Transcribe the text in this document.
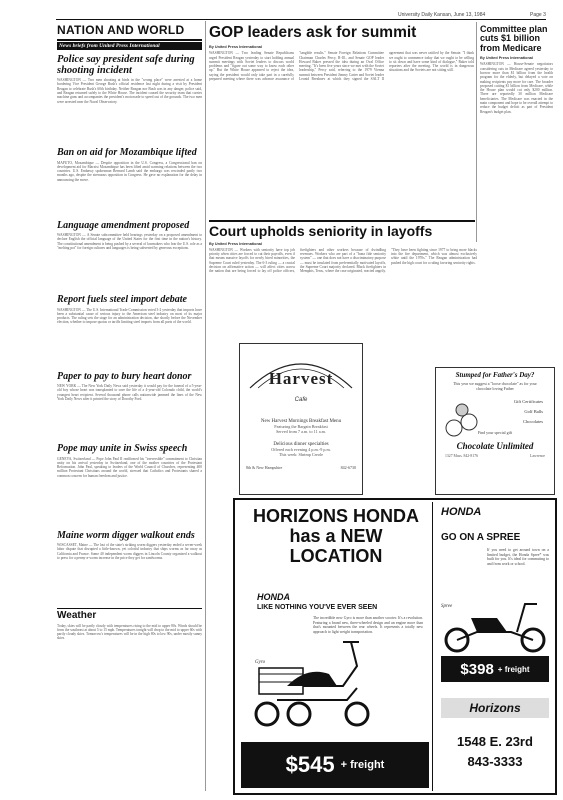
University Daily Kansan, June 13, 1984	Page 3
NATION AND WORLD
News briefs from United Press International
Police say president safe during shooting incident
WASHINGTON — Two men shooting at birds in the "wrong place" were arrested at a home bordering Vice President George Bush's official residence last night during a visit by President Reagan to celebrate Bush's 60th birthday. Neither Reagan nor Bush was in any danger, police said, and Reagan returned safely to the White House. The incident caused the security team that carries machine guns and accompanies the president's motorcade to speed out of the grounds. The two men were arrested near the Naval Observatory.
Ban on aid for Mozambique lifted
MAPUTO, Mozambique — Despite opposition in the U.S. Congress, a Congressional ban on development aid for Marxist Mozambique has been lifted amid warming relations between the two countries. U.S. Embassy spokesman Bernard Lamb said the embargo was rescinded partly two months ago, despite the strenuous opposition in Congress. He gave no explanation for the delay in announcing the move.
Language amendment proposed
WASHINGTON — A Senate subcommittee held hearings yesterday on a proposed amendment to declare English the official language of the United States for the first time in the nation's history. The constitutional amendment is being pushed by a several of lawmakers who fear the U.S. role as a "melting pot" for foreign cultures and languages is being subverted by generous exceptions.
Report fuels steel import debate
WASHINGTON — The U.S. International Trade Commission voted 3-2 yesterday that imports have been a substantial cause of serious injury to the American steel industry on most of its major products. The ruling sets the stage for an administration decision, due shortly before the November election, whether to impose quotas or tariffs limiting steel imports from all parts of the world.
Paper to pay to bury heart donor
NEW YORK — The New York Daily News said yesterday it would pay for the funeral of a 5-year-old boy whose heart was transplanted to save the life of a 4-year-old Colorado child, the world's youngest heart recipient. Several thousand phone calls nationwide jammed the lines of the New York Daily News after it printed the story of Dorothy Ford.
Pope may unite in Swiss speech
GENEVA, Switzerland — Pope John Paul II reaffirmed his "irreversible" commitment to Christian unity on his arrival yesterday in Switzerland, one of the mother countries of the Protestant Reformation. John Paul, speaking to leaders of the World Council of Churches, representing 400 million Protestant Christians around the world, stressed that Catholics and Protestants shared a common concern for human freedom and justice.
Maine worm digger walkout ends
WISCASSET, Maine — The last of the state's striking worm diggers yesterday ended a seven-week labor dispute that disrupted a little-known, yet colorful industry that ships worms as far away as California and France. Some 40 independent worm diggers in Lincoln County organized a walkout to press for a penny-a-worm increase in the price they get for sandworms.
Weather
Today, skies will be partly cloudy with temperatures rising to the mid to upper 80s. Winds should be from the southeast at about 5 to 15 mph. Temperatures tonight will drop to the mid to upper 60s with partly cloudy skies. Tomorrow's temperatures will be in the high 80s to low 90s, under mostly sunny skies.
GOP leaders ask for summit
By United Press International
WASHINGTON — Two leading Senate Republicans urged President Reagan yesterday to start holding annual summit meetings with Soviet leaders to discuss world problems and "figure out some way to know each other up." But the White House appeared to reject the idea, saying the president would only take part in a carefully prepared meeting where there was advance assurance of "tangible results." Senate Foreign Relations Committee Chairman Charles Percy, R-Ill., and Senate GOP leader Howard Baker pressed the idea during an Oval Office meeting. "It's been five years since we met with the Soviet leadership," Percy said, referring to the 1979 Vienna summit between President Jimmy Carter and Soviet leader Leonid Brezhnev at which they signed the SALT II agreement that was never ratified by the Senate. "I think we ought to commence today that we ought to be willing to sit down and have some kind of dialogue," Baker told reporters after the meeting. The world is in dangerous situations and the Soviets are not sitting still.
Committee plan cuts $1 billion from Medicare
By United Press International
WASHINGTON — House-Senate negotiators considering cuts in Medicare agreed yesterday to borrow more than $1 billion from the health program for the elderly, but delayed a vote on making recipients pay more for care. The broader proposed cutting $1 billion from Medicare, while the House plan would cut only $200 million. There are reportedly 30 million Medicare beneficiaries. The Medicare was enacted in the main component and hope to be overall attempt to reduce the budget deficit as part of President Reagan's budget plan.
Court upholds seniority in layoffs
By United Press International
WASHINGTON — Workers with seniority have top job priority when cities are forced to cut their payrolls, even if that means massive layoffs for newly hired minorities, the Supreme Court ruled yesterday. The 6-3 ruling — a crucial decision on affirmative action — will affect cities across the nation that are being forced to lay off police officers, firefighters and other workers because of dwindling revenues. Workers who are part of a "bona fide seniority system" — one that does not have a discriminatory purpose — must be insulated from preferentially motivated layoffs, the Supreme Court majority declared. Black firefighters in Memphis, Tenn., where the case originated, reacted angrily. "They have been fighting since 1977 to bring more blacks into the fire department, which was almost exclusively white until the 1970s." The Reagan administration had pushed the high court for a ruling favoring seniority rights.
Harvest
Cafe
New Harvest Mornings Breakfast Menu
Featuring the Bargain Breakfast
Served from 7 a.m. to 11 a.m.
Delicious dinner specialties
Offered each evening 4 p.m.-9 p.m.
This week: Shrimp Creole
8th & New Hampshire	842-6730
Stumped for Father's Day?
This year we suggest a "loose chocolate" as for your chocolate loving Father
Gift Certificates
Golf Balls
Chocolates
Find your special gift
Chocolate Unlimited
1327 Mass. 842-8176	Lawrence
HORIZONS HONDA has a NEW LOCATION
HONDA
LIKE NOTHING YOU'VE EVER SEEN
The incredible new Gyro is more than another scooter. It's a revolution. Featuring a brand new, three-wheeled design and an engine more than that's mounted between the rear wheels. It represents a totally new approach to light weight transportation.
Gyro
$545 + freight
HONDA
GO ON A SPREE
If you need to get around town on a limited budget, the Honda Spree* was built for you. It's ideal for commuting to and from work or school.
Spree
$398 + freight
Horizons
1548 E. 23rd
843-3333
